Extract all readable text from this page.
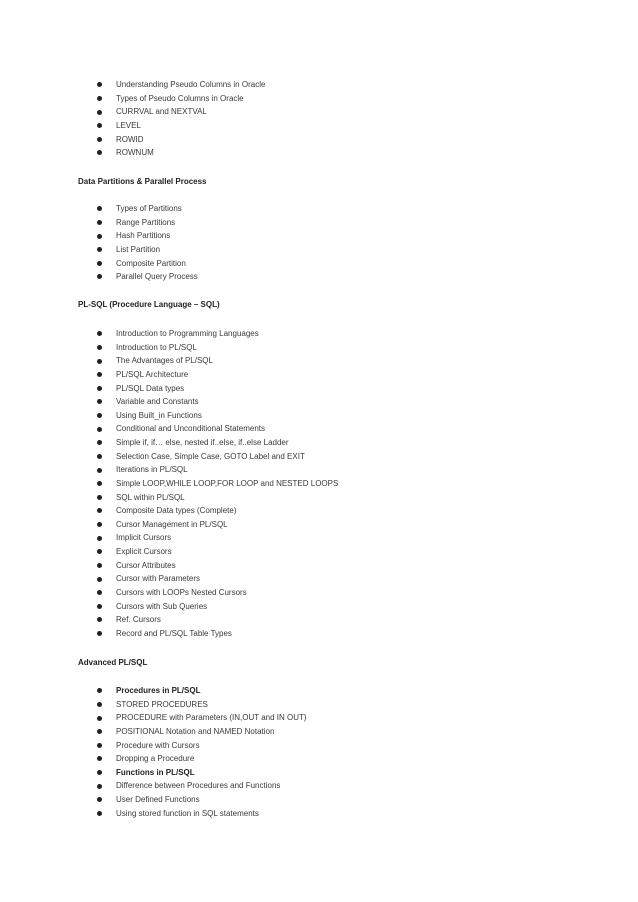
Understanding Pseudo Columns in Oracle
Types of Pseudo Columns in Oracle
CURRVAL and NEXTVAL
LEVEL
ROWID
ROWNUM
Data Partitions & Parallel Process
Types of Partitions
Range Partitions
Hash Partitions
List Partition
Composite Partition
Parallel Query Process
PL-SQL (Procedure Language – SQL)
Introduction to Programming Languages
Introduction to PL/SQL
The Advantages of PL/SQL
PL/SQL Architecture
PL/SQL Data types
Variable and Constants
Using Built_in Functions
Conditional and Unconditional Statements
Simple if, if… else, nested if..else, if..else Ladder
Selection Case, Simple Case, GOTO Label and EXIT
Iterations in PL/SQL
Simple LOOP,WHILE LOOP,FOR LOOP and NESTED LOOPS
SQL within PL/SQL
Composite Data types (Complete)
Cursor Management in PL/SQL
Implicit Cursors
Explicit Cursors
Cursor Attributes
Cursor with Parameters
Cursors with LOOPs Nested Cursors
Cursors with Sub Queries
Ref. Cursors
Record and PL/SQL Table Types
Advanced PL/SQL
Procedures in PL/SQL
STORED PROCEDURES
PROCEDURE with Parameters (IN,OUT and IN OUT)
POSITIONAL Notation and NAMED Notation
Procedure with Cursors
Dropping a Procedure
Functions in PL/SQL
Difference between Procedures and Functions
User Defined Functions
Using stored function in SQL statements
